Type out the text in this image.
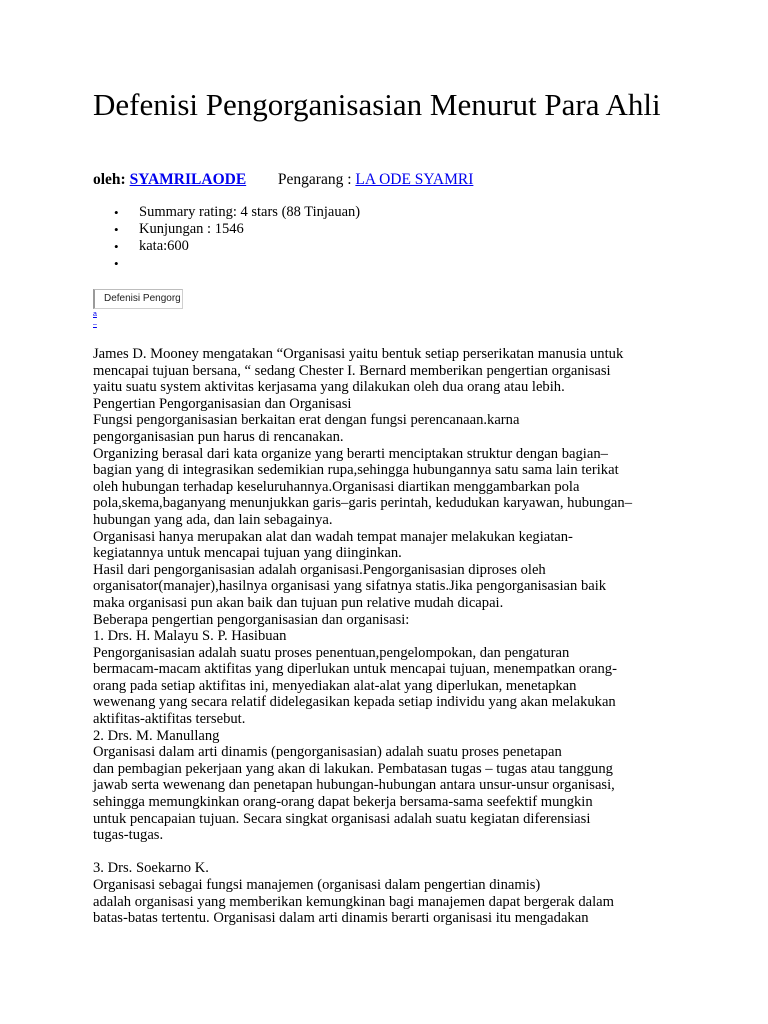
Defenisi Pengorganisasian Menurut Para Ahli
oleh: SYAMRILAODE Pengarang : LA ODE SYAMRI
• Summary rating: 4 stars (88 Tinjauan)
• Kunjungan : 1546
• kata:600
•
Defenisi Pengorg
a
–

James D. Mooney mengatakan “Organisasi yaitu bentuk setiap perserikatan manusia untuk

mencapai tujuan bersana, “ sedang Chester I. Bernard memberikan pengertian organisasi

yaitu suatu system aktivitas kerjasama yang dilakukan oleh dua orang atau lebih.

Pengertian Pengorganisasian dan Organisasi

Fungsi pengorganisasian berkaitan erat dengan fungsi perencanaan.karna

pengorganisasian pun harus di rencanakan.

Organizing berasal dari kata organize yang berarti menciptakan struktur dengan bagian–

bagian yang di integrasikan sedemikian rupa,sehingga hubungannya satu sama lain terikat

oleh hubungan terhadap keseluruhannya.Organisasi diartikan menggambarkan pola

pola,skema,baganyang menunjukkan garis–garis perintah, kedudukan karyawan, hubungan–

hubungan yang ada, dan lain sebagainya.

Organisasi hanya merupakan alat dan wadah tempat manajer melakukan kegiatan-

kegiatannya untuk mencapai tujuan yang diinginkan.

Hasil dari pengorganisasian adalah organisasi.Pengorganisasian diproses oleh

organisator(manajer),hasilnya organisasi yang sifatnya statis.Jika pengorganisasian baik

maka organisasi pun akan baik dan tujuan pun relative mudah dicapai.

Beberapa pengertian pengorganisasian dan organisasi:

1. Drs. H. Malayu S. P. Hasibuan

Pengorganisasian adalah suatu proses penentuan,pengelompokan, dan pengaturan

bermacam-macam aktifitas yang diperlukan untuk mencapai tujuan, menempatkan orang-

orang pada setiap aktifitas ini, menyediakan alat-alat yang diperlukan, menetapkan

wewenang yang secara relatif didelegasikan kepada setiap individu yang akan melakukan

aktifitas-aktifitas tersebut.

2. Drs. M. Manullang

Organisasi dalam arti dinamis (pengorganisasian) adalah suatu proses penetapan

dan pembagian pekerjaan yang akan di lakukan. Pembatasan tugas – tugas atau tanggung

jawab serta wewenang dan penetapan hubungan-hubungan antara unsur-unsur organisasi,

sehingga memungkinkan orang-orang dapat bekerja bersama-sama seefektif mungkin

untuk pencapaian tujuan. Secara singkat organisasi adalah suatu kegiatan diferensiasi

tugas-tugas.

3. Drs. Soekarno K.

Organisasi sebagai fungsi manajemen (organisasi dalam pengertian dinamis)

adalah organisasi yang memberikan kemungkinan bagi manajemen dapat bergerak dalam

batas-batas tertentu. Organisasi dalam arti dinamis berarti organisasi itu mengadakan
